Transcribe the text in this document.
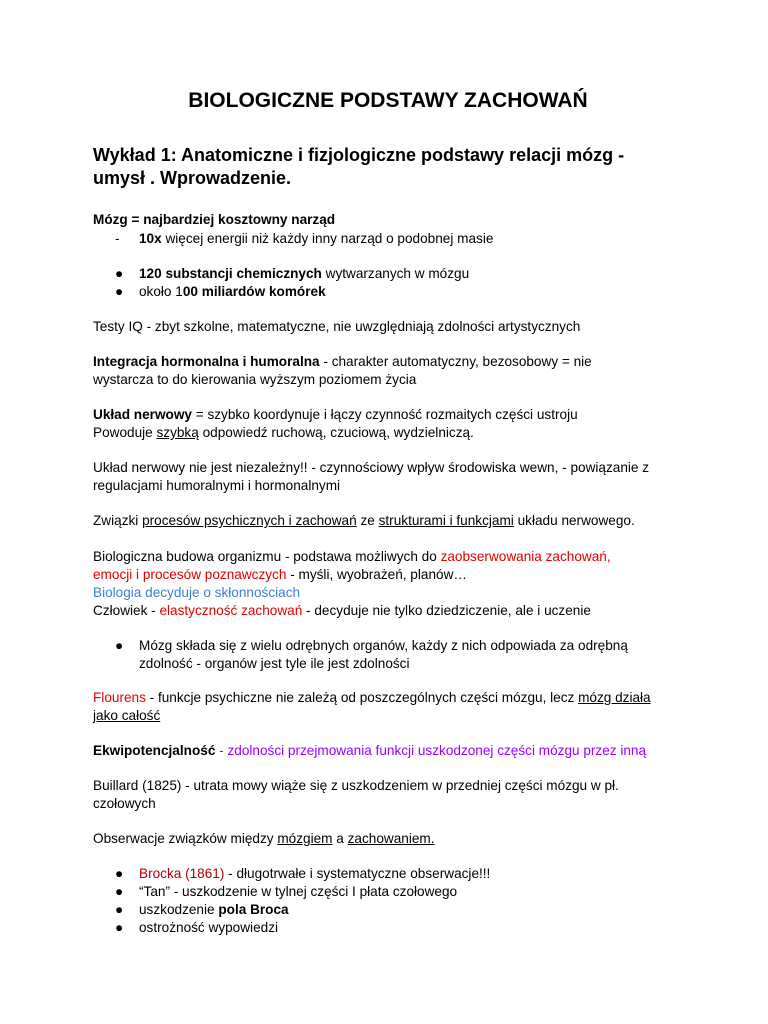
BIOLOGICZNE PODSTAWY ZACHOWAŃ
Wykład 1: Anatomiczne i fizjologiczne podstawy relacji mózg -
umysł . Wprowadzenie.
Mózg = najbardziej kosztowny narząd
- 10x więcej energii niż każdy inny narząd o podobnej masie
● 120 substancji chemicznych wytwarzanych w mózgu
● około 100 miliardów komórek
Testy IQ - zbyt szkolne, matematyczne, nie uwzględniają zdolności artystycznych
Integracja hormonalna i humoralna - charakter automatyczny, bezosobowy = nie
wystarcza to do kierowania wyższym poziomem życia
Układ nerwowy = szybko koordynuje i łączy czynność rozmaitych części ustroju
Powoduje szybką odpowiedź ruchową, czuciową, wydzielniczą.
Układ nerwowy nie jest niezależny!! - czynnościowy wpływ środowiska wewn, - powiązanie z
regulacjami humoralnymi i hormonalnymi
Związki procesów psychicznych i zachowań ze strukturami i funkcjami układu nerwowego.
Biologiczna budowa organizmu - podstawa możliwych do zaobserwowania zachowań,
emocji i procesów poznawczych - myśli, wyobrażeń, planów…
Biologia decyduje o skłonnościach
Człowiek - elastyczność zachowań - decyduje nie tylko dziedziczenie, ale i uczenie
● Mózg składa się z wielu odrębnych organów, każdy z nich odpowiada za odrębną
zdolność - organów jest tyle ile jest zdolności
Flourens - funkcje psychiczne nie zależą od poszczególnych części mózgu, lecz mózg działa
jako całość
Ekwipotencjalność - zdolności przejmowania funkcji uszkodzonej części mózgu przez inną
Buillard (1825) - utrata mowy wiąże się z uszkodzeniem w przedniej części mózgu w pł.
czołowych
Obserwacje związków między mózgiem a zachowaniem.
● Brocka (1861) - długotrwałe i systematyczne obserwacje!!!
● “Tan” - uszkodzenie w tylnej części I płata czołowego
● uszkodzenie pola Broca
● ostrożność wypowiedzi
